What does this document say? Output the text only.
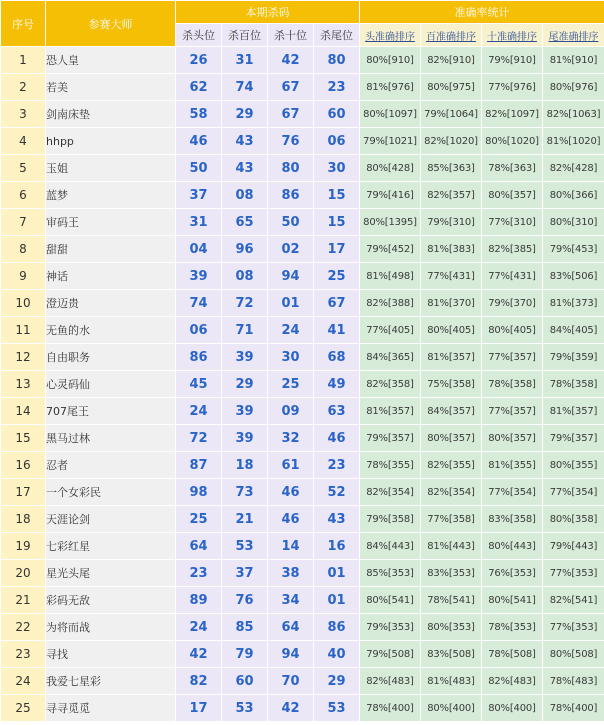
序号	参赛大师	本期杀码				准确率统计			
		杀头位	杀百位	杀十位	杀尾位	头准确排序	百准确排序	十准确排序	尾准确排序
1	恐人皇	26	31	42	80	80%[910]	82%[910]	79%[910]	81%[910]
2	若美	62	74	67	23	81%[976]	80%[975]	77%[976]	80%[976]
3	剑南床垫	58	29	67	60	80%[1097]	79%[1064]	82%[1097]	82%[1063]
4	hhpp	46	43	76	06	79%[1021]	82%[1020]	80%[1020]	81%[1020]
5	玉姐	50	43	80	30	80%[428]	85%[363]	78%[363]	82%[428]
6	蓝梦	37	08	86	15	79%[416]	82%[357]	80%[357]	80%[366]
7	审码王	31	65	50	15	80%[1395]	79%[310]	77%[310]	80%[310]
8	甜甜	04	96	02	17	79%[452]	81%[383]	82%[385]	79%[453]
9	神话	39	08	94	25	81%[498]	77%[431]	77%[431]	83%[506]
10	澄迈贵	74	72	01	67	82%[388]	81%[370]	79%[370]	81%[373]
11	无鱼的水	06	71	24	41	77%[405]	80%[405]	80%[405]	84%[405]
12	自由职务	86	39	30	68	84%[365]	81%[357]	77%[357]	79%[359]
13	心灵码仙	45	29	25	49	82%[358]	75%[358]	78%[358]	78%[358]
14	707尾王	24	39	09	63	81%[357]	84%[357]	77%[357]	81%[357]
15	黑马过林	72	39	32	46	79%[357]	80%[357]	80%[357]	79%[357]
16	忍者	87	18	61	23	78%[355]	82%[355]	81%[355]	80%[355]
17	一个女彩民	98	73	46	52	82%[354]	82%[354]	77%[354]	77%[354]
18	天涯论剑	25	21	46	43	79%[358]	77%[358]	83%[358]	80%[358]
19	七彩红星	64	53	14	16	84%[443]	81%[443]	80%[443]	79%[443]
20	星光头尾	23	37	38	01	85%[353]	83%[353]	76%[353]	77%[353]
21	彩码无敌	89	76	34	01	80%[541]	78%[541]	80%[541]	82%[541]
22	为将而战	24	85	64	86	79%[353]	80%[353]	78%[353]	77%[353]
23	寻找	42	79	94	40	79%[508]	83%[508]	78%[508]	80%[508]
24	我爱七星彩	82	60	70	29	82%[483]	81%[483]	82%[483]	78%[483]
25	寻寻觅觅	17	53	42	53	78%[400]	80%[400]	80%[400]	78%[400]
